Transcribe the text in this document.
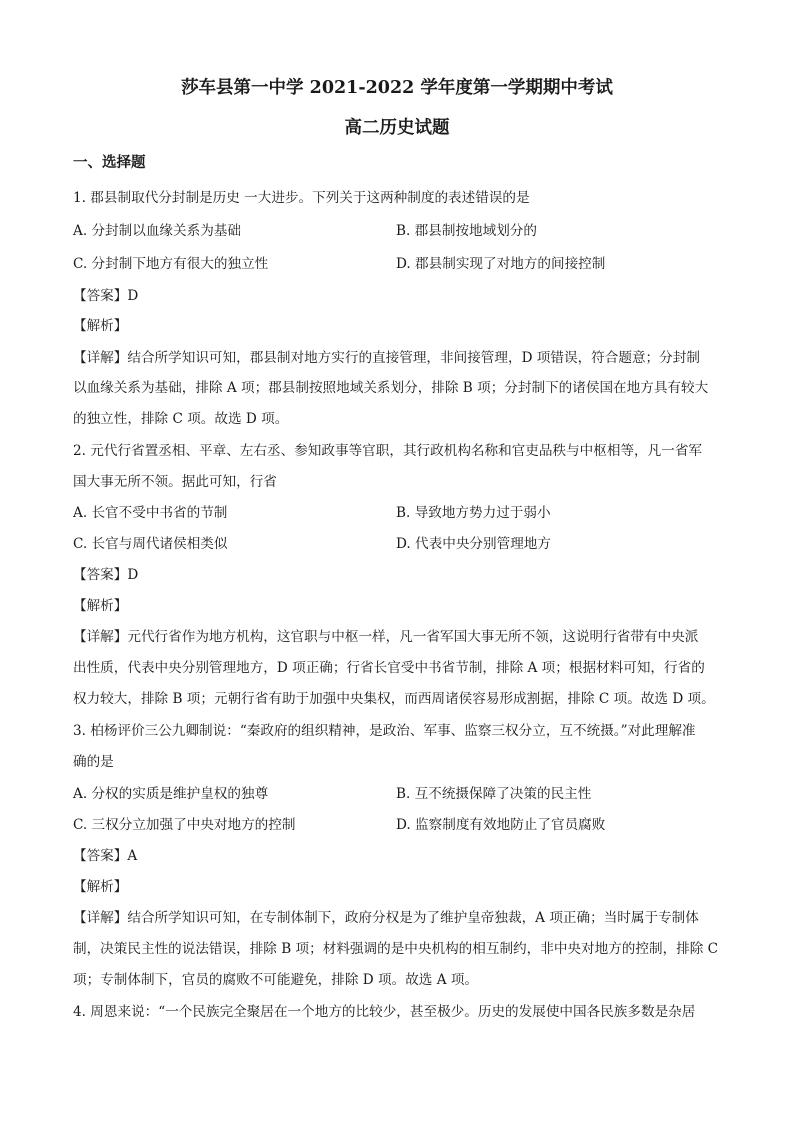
莎车县第一中学 2021-2022 学年度第一学期期中考试
高二历史试题
一、选择题
1. 郡县制取代分封制是历史 一大进步。下列关于这两种制度的表述错误的是
A. 分封制以血缘关系为基础	B. 郡县制按地域划分的
C. 分封制下地方有很大的独立性	D. 郡县制实现了对地方的间接控制
【答案】D
【解析】
【详解】结合所学知识可知，郡县制对地方实行的直接管理，非间接管理，D 项错误，符合题意；分封制
以血缘关系为基础，排除 A 项；郡县制按照地域关系划分，排除 B 项；分封制下的诸侯国在地方具有较大
的独立性，排除 C 项。故选 D 项。
2. 元代行省置丞相、平章、左右丞、参知政事等官职，其行政机构名称和官吏品秩与中枢相等，凡一省军
国大事无所不领。据此可知，行省
A. 长官不受中书省的节制	B. 导致地方势力过于弱小
C. 长官与周代诸侯相类似	D. 代表中央分别管理地方
【答案】D
【解析】
【详解】元代行省作为地方机构，这官职与中枢一样，凡一省军国大事无所不领，这说明行省带有中央派
出性质，代表中央分别管理地方，D 项正确；行省长官受中书省节制，排除 A 项；根据材料可知，行省的
权力较大，排除 B 项；元朝行省有助于加强中央集权，而西周诸侯容易形成割据，排除 C 项。故选 D 项。
3. 柏杨评价三公九卿制说：“秦政府的组织精神，是政治、军事、监察三权分立，互不统摄。”对此理解准
确的是
A. 分权的实质是维护皇权的独尊	B. 互不统摄保障了决策的民主性
C. 三权分立加强了中央对地方的控制	D. 监察制度有效地防止了官员腐败
【答案】A
【解析】
【详解】结合所学知识可知，在专制体制下，政府分权是为了维护皇帝独裁，A 项正确；当时属于专制体
制，决策民主性的说法错误，排除 B 项；材料强调的是中央机构的相互制约，非中央对地方的控制，排除 C
项；专制体制下，官员的腐败不可能避免，排除 D 项。故选 A 项。
4. 周恩来说：“一个民族完全聚居在一个地方的比较少，甚至极少。历史的发展使中国各民族多数是杂居
